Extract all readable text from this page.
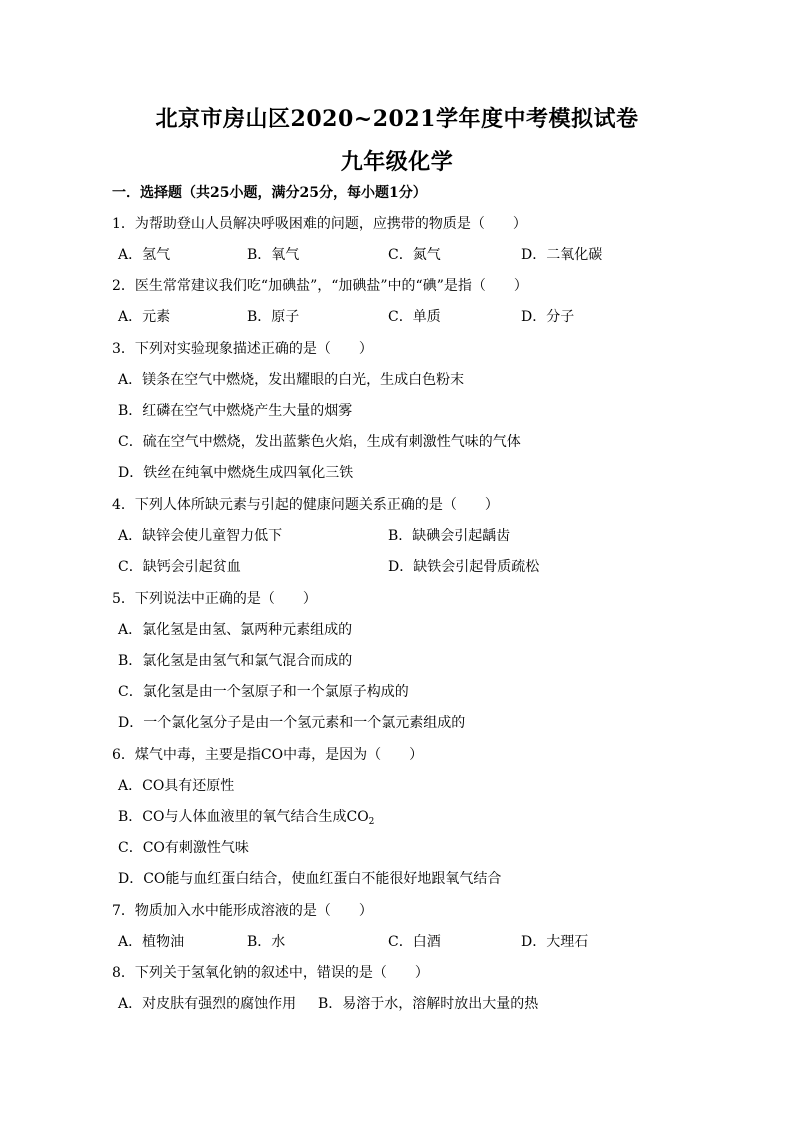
北京市房山区2020~2021学年度中考模拟试卷
九年级化学
一．选择题（共25小题，满分25分，每小题1分）
1．为帮助登山人员解决呼吸困难的问题，应携带的物质是（　　）
A．氢气	B．氧气	C．氮气	D．二氧化碳
2．医生常常建议我们吃“加碘盐”，“加碘盐”中的“碘”是指（　　）
A．元素	B．原子	C．单质	D．分子
3．下列对实验现象描述正确的是（　　）
A．镁条在空气中燃烧，发出耀眼的白光，生成白色粉末
B．红磷在空气中燃烧产生大量的烟雾
C．硫在空气中燃烧，发出蓝紫色火焰，生成有刺激性气味的气体
D．铁丝在纯氧中燃烧生成四氧化三铁
4．下列人体所缺元素与引起的健康问题关系正确的是（　　）
A．缺锌会使儿童智力低下	B．缺碘会引起龋齿
C．缺钙会引起贫血	D．缺铁会引起骨质疏松
5．下列说法中正确的是（　　）
A．氯化氢是由氢、氯两种元素组成的
B．氯化氢是由氢气和氯气混合而成的
C．氯化氢是由一个氢原子和一个氯原子构成的
D．一个氯化氢分子是由一个氢元素和一个氯元素组成的
6．煤气中毒，主要是指CO中毒，是因为（　　）
A．CO具有还原性
B．CO与人体血液里的氧气结合生成$CO_2$
C．CO有刺激性气味
D．CO能与血红蛋白结合，使血红蛋白不能很好地跟氧气结合
7．物质加入水中能形成溶液的是（　　）
A．植物油	B．水	C．白酒	D．大理石
8．下列关于氢氧化钠的叙述中，错误的是（　　）
A．对皮肤有强烈的腐蚀作用 B．易溶于水，溶解时放出大量的热
